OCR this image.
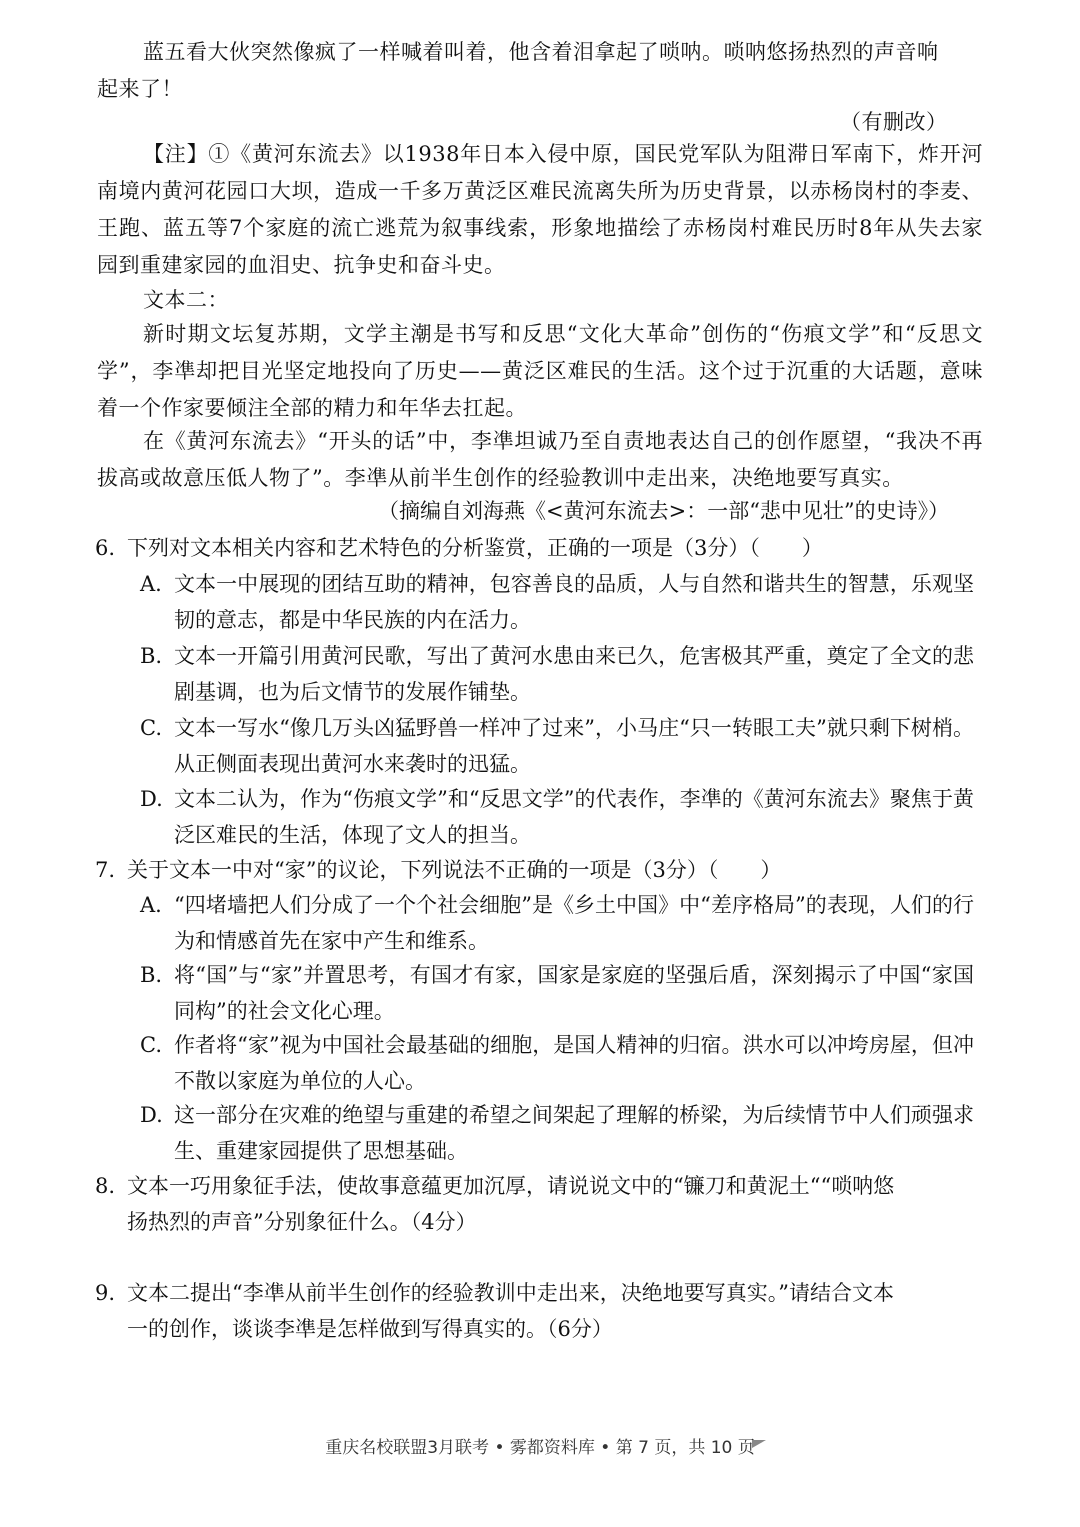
蓝五看大伙突然像疯了一样喊着叫着，他含着泪拿起了唢呐。唢呐悠扬热烈的声音响
起来了！
（有删改）
【注】①《黄河东流去》以1938年日本入侵中原，国民党军队为阻滞日军南下，炸开河南境内黄河花园口大坝，造成一千多万黄泛区难民流离失所为历史背景，以赤杨岗村的李麦、王跑、蓝五等7个家庭的流亡逃荒为叙事线索，形象地描绘了赤杨岗村难民历时8年从失去家园到重建家园的血泪史、抗争史和奋斗史。
文本二：
新时期文坛复苏期，文学主潮是书写和反思“文化大革命”创伤的“伤痕文学”和“反思文学”，李凖却把目光坚定地投向了历史——黄泛区难民的生活。这个过于沉重的大话题，意味着一个作家要倾注全部的精力和年华去扛起。
在《黄河东流去》“开头的话”中，李凖坦诚乃至自责地表达自己的创作愿望，“我决不再拔高或故意压低人物了”。李凖从前半生创作的经验教训中走出来，决绝地要写真实。
（摘编自刘海燕《<黄河东流去>：一部“悲中见壮”的史诗》）
6. 下列对文本相关内容和艺术特色的分析鉴赏，正确的一项是（3分）（　　）
A. 文本一中展现的团结互助的精神，包容善良的品质，人与自然和谐共生的智慧，乐观坚韧的意志，都是中华民族的内在活力。
B. 文本一开篇引用黄河民歌，写出了黄河水患由来已久，危害极其严重，奠定了全文的悲剧基调，也为后文情节的发展作铺垫。
C. 文本一写水“像几万头凶猛野兽一样冲了过来”，小马庄“只一转眼工夫”就只剩下树梢。从正侧面表现出黄河水来袭时的迅猛。
D. 文本二认为，作为“伤痕文学”和“反思文学”的代表作，李凖的《黄河东流去》聚焦于黄泛区难民的生活，体现了文人的担当。
7. 关于文本一中对“家”的议论，下列说法不正确的一项是（3分）（　　）
A. “四堵墙把人们分成了一个个社会细胞”是《乡土中国》中“差序格局”的表现，人们的行为和情感首先在家中产生和维系。
B. 将“国”与“家”并置思考，有国才有家，国家是家庭的坚强后盾，深刻揭示了中国“家国同构”的社会文化心理。
C. 作者将“家”视为中国社会最基础的细胞，是国人精神的归宿。洪水可以冲垮房屋，但冲不散以家庭为单位的人心。
D. 这一部分在灾难的绝望与重建的希望之间架起了理解的桥梁，为后续情节中人们顽强求生、重建家园提供了思想基础。
8. 文本一巧用象征手法，使故事意蕴更加沉厚，请说说文中的“镰刀和黄泥土““唢呐悠
扬热烈的声音”分别象征什么。（4分）
9. 文本二提出“李凖从前半生创作的经验教训中走出来，决绝地要写真实。”请结合文本
一的创作，谈谈李凖是怎样做到写得真实的。（6分）
重庆名校联盟3月联考 • 雾都资料库 • 第 7 页，共 10 页
